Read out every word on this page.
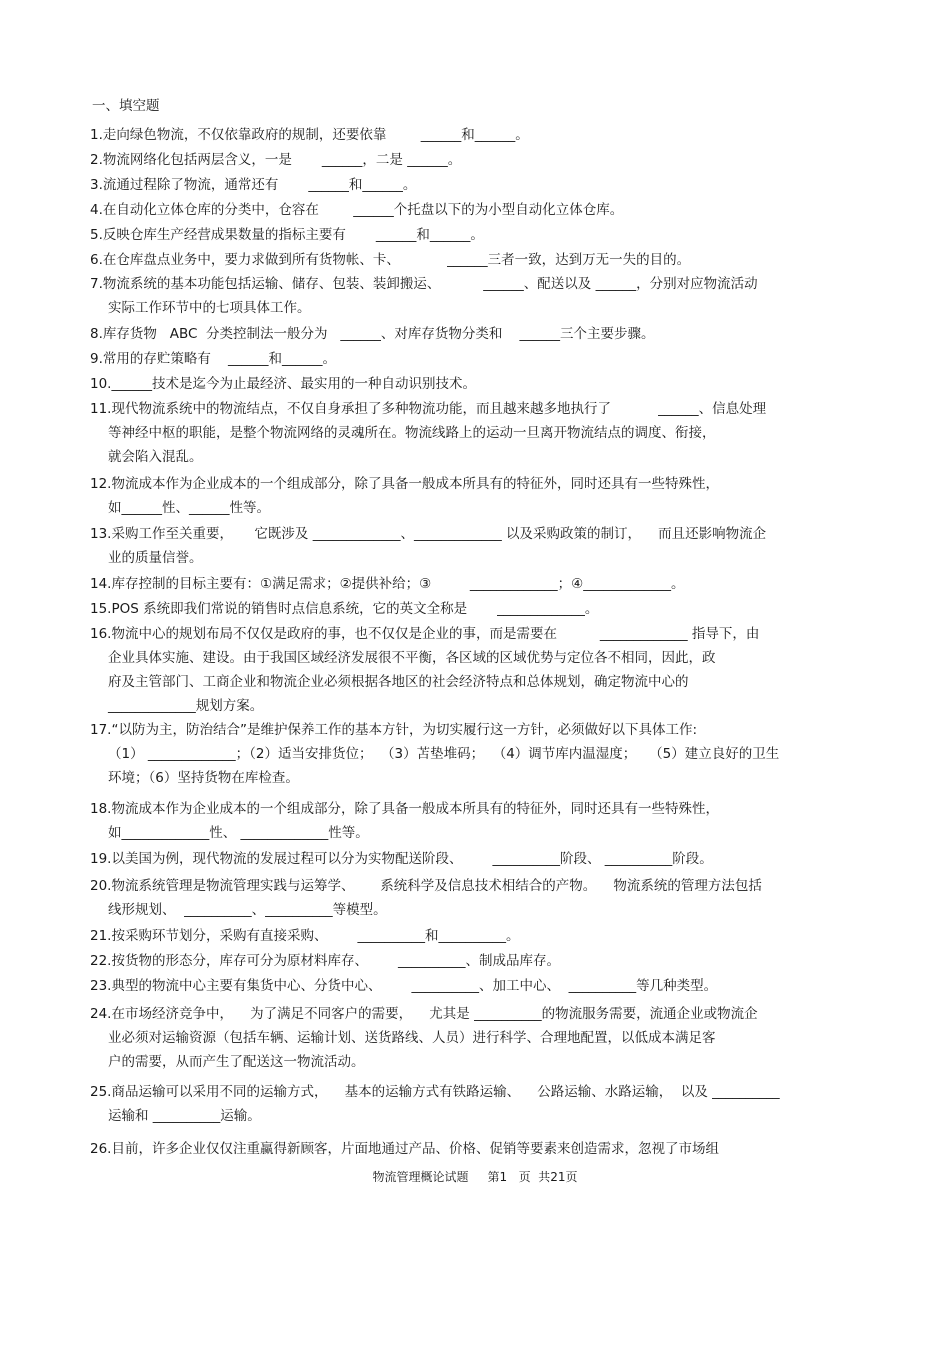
一、填空题
1.走向绿色物流，不仅依靠政府的规制，还要依靠        ______和______。
2.物流网络化包括两层含义，一是       ______，二是 ______。
3.流通过程除了物流，通常还有       ______和______。
4.在自动化立体仓库的分类中，仓容在        ______个托盘以下的为小型自动化立体仓库。
5.反映仓库生产经营成果数量的指标主要有       ______和______。
6.在仓库盘点业务中，要力求做到所有货物帐、卡、           ______三者一致，达到万无一失的目的。
7.物流系统的基本功能包括运输、储存、包装、装卸搬运、          ______、配送以及 ______，分别对应物流活动
实际工作环节中的七项具体工作。
8.库存货物   ABC  分类控制法一般分为   ______、对库存货物分类和    ______三个主要步骤。
9.常用的存贮策略有    ______和______。
10.______技术是迄今为止最经济、最实用的一种自动识别技术。
11.现代物流系统中的物流结点，不仅自身承担了多种物流功能，而且越来越多地执行了           ______、信息处理
等神经中枢的职能，是整个物流网络的灵魂所在。物流线路上的运动一旦离开物流结点的调度、衔接，
就会陷入混乱。
12.物流成本作为企业成本的一个组成部分，除了具备一般成本所具有的特征外，同时还具有一些特殊性，
如______性、______性等。
13.采购工作至关重要，     它既涉及 _____________、_____________ 以及采购政策的制订，    而且还影响物流企
业的质量信誉。
14.库存控制的目标主要有：①满足需求；②提供补给；③         _____________；④_____________。
15.POS 系统即我们常说的销售时点信息系统，它的英文全称是       _____________。
16.物流中心的规划布局不仅仅是政府的事，也不仅仅是企业的事，而是需要在          _____________ 指导下，由
企业具体实施、建设。由于我国区域经济发展很不平衡，各区域的区域优势与定位各不相同，因此，政
府及主管部门、工商企业和物流企业必须根据各地区的社会经济特点和总体规划，确定物流中心的
_____________规划方案。
17.“以防为主，防治结合”是维护保养工作的基本方针，为切实履行这一方针，必须做好以下具体工作:
（1） _____________；（2）适当安排货位；  （3）苫垫堆码；  （4）调节库内温湿度；   （5）建立良好的卫生
环境；（6）坚持货物在库检查。
18.物流成本作为企业成本的一个组成部分，除了具备一般成本所具有的特征外，同时还具有一些特殊性，
如_____________性、 _____________性等。
19.以美国为例，现代物流的发展过程可以分为实物配送阶段、       __________阶段、 __________阶段。
20.物流系统管理是物流管理实践与运筹学、      系统科学及信息技术相结合的产物。    物流系统的管理方法包括
线形规划、  __________、__________等模型。
21.按采购环节划分，采购有直接采购、       __________和__________。
22.按货物的形态分，库存可分为原材料库存、       __________、制成品库存。
23.典型的物流中心主要有集货中心、分货中心、       __________、加工中心、  __________等几种类型。
24.在市场经济竞争中，    为了满足不同客户的需要，    尤其是 __________的物流服务需要，流通企业或物流企
业必须对运输资源（包括车辆、运输计划、送货路线、人员）进行科学、合理地配置，以低成本满足客
户的需要，从而产生了配送这一物流活动。
25.商品运输可以采用不同的运输方式，    基本的运输方式有铁路运输、    公路运输、水路运输，  以及 __________
运输和 __________运输。
26.目前，许多企业仅仅注重赢得新顾客，片面地通过产品、价格、促销等要素来创造需求，忽视了市场组
物流管理概论试题     第1   页  共21页
